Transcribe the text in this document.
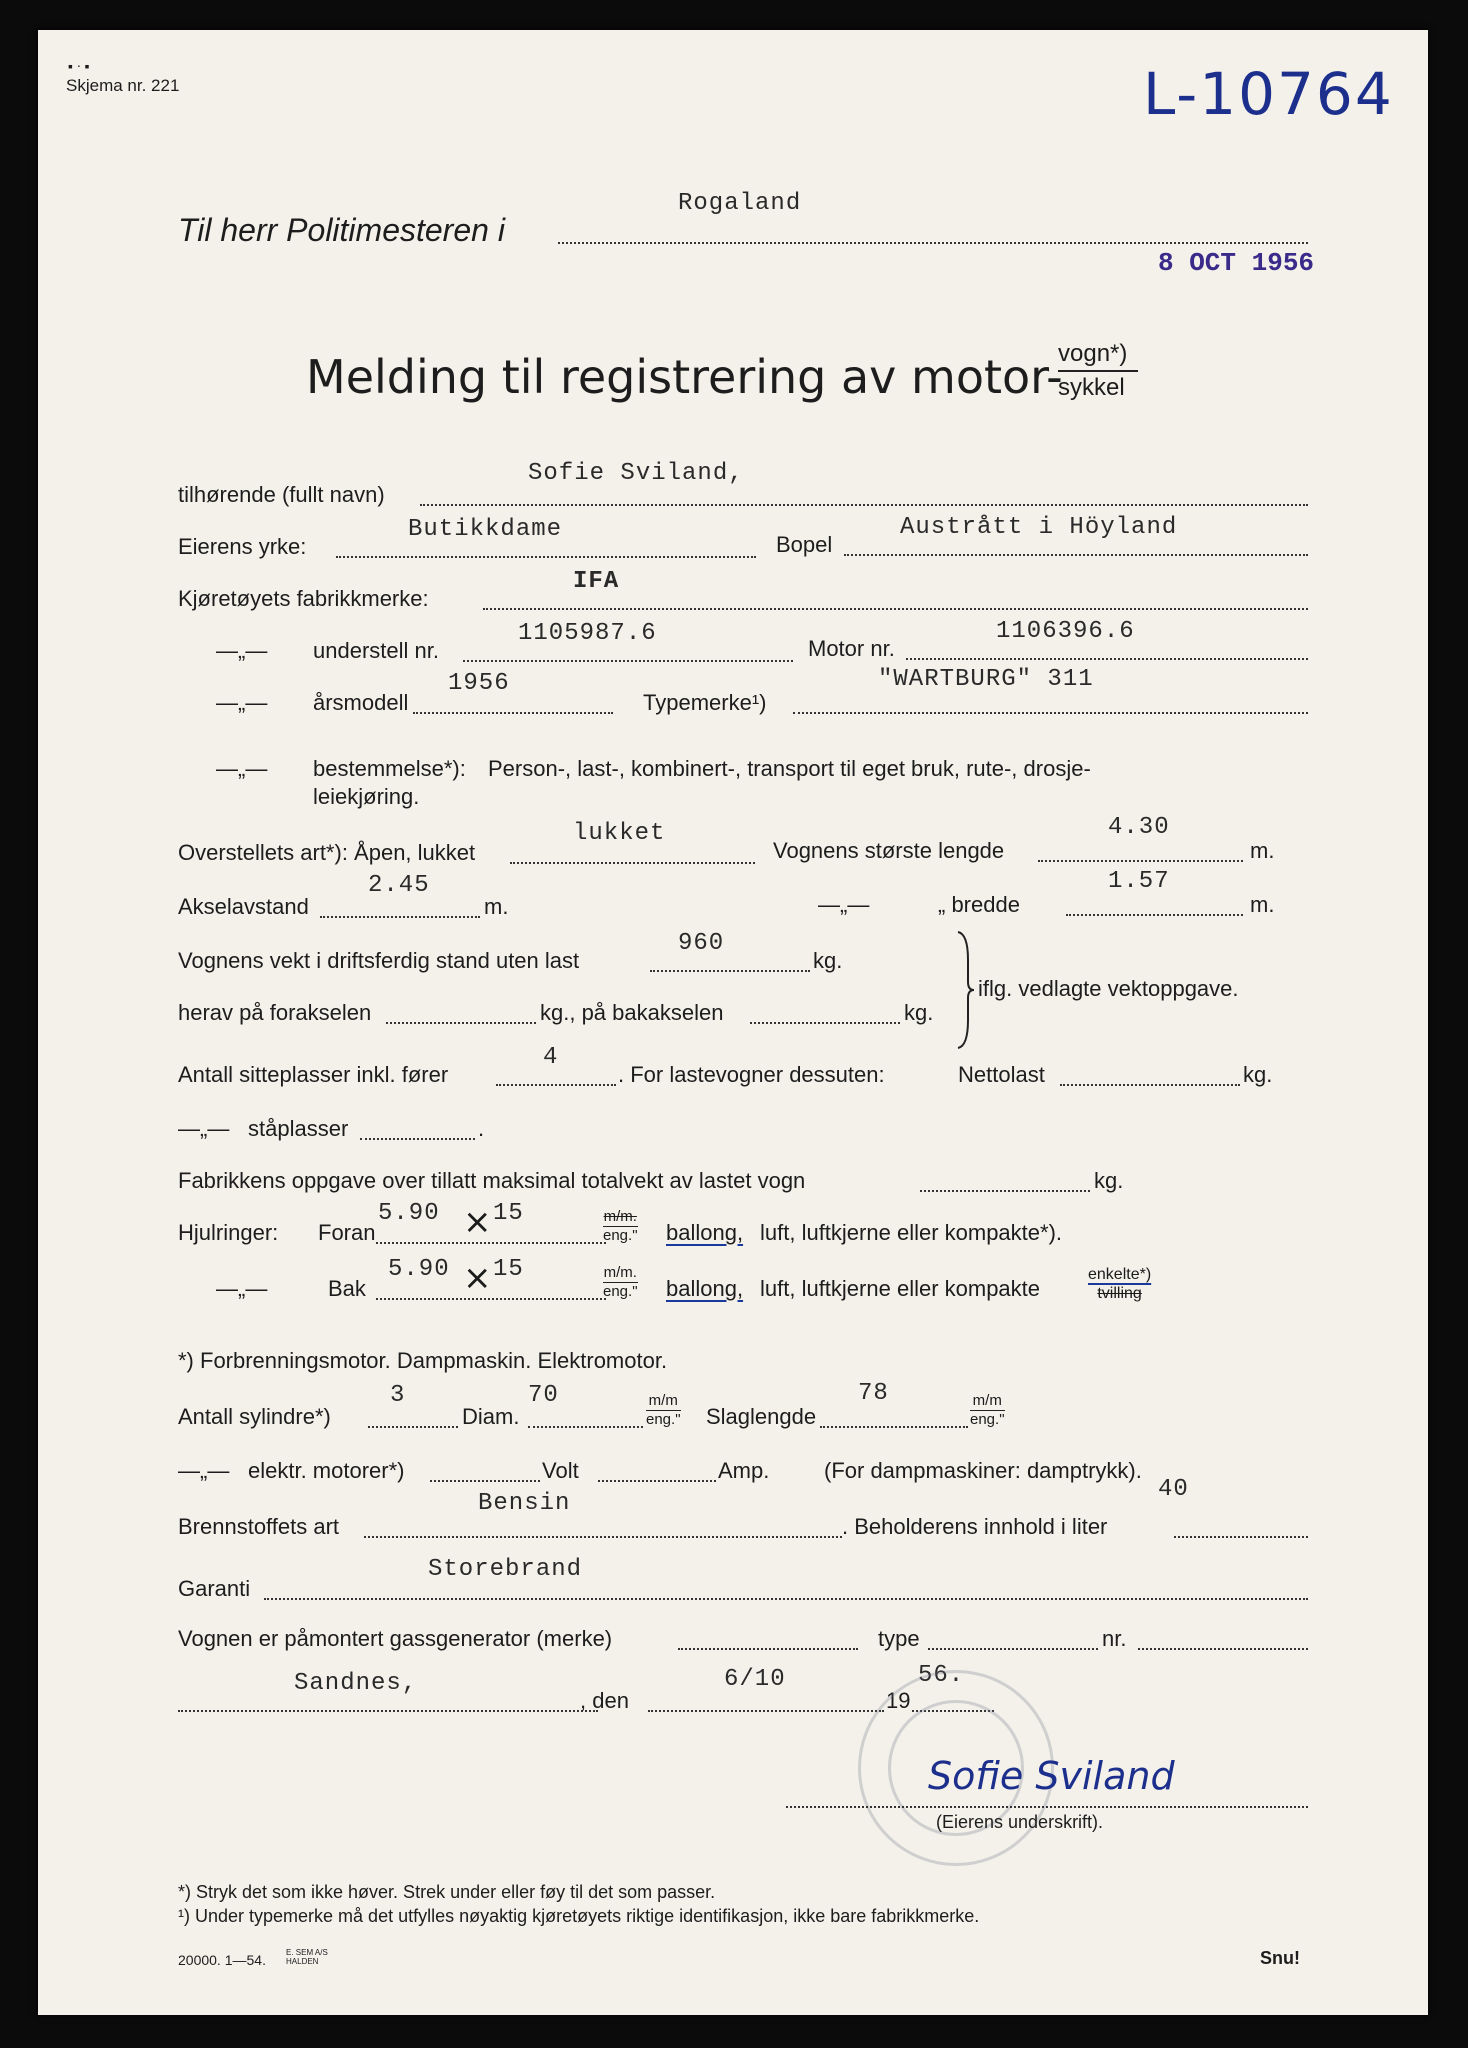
Skjema nr. 221
▪︎ · ▪︎	L-10764
Til herr Politimesteren i
Rogaland
8 OCT 1956
Melding til registrering av motor-
vogn*)
sykkel
tilhørende (fullt navn)
Sofie Sviland,
Eierens yrke:
Butikkdame
Bopel
Austrått i Höyland
Kjøretøyets fabrikkmerke:
IFA
—„— understell nr.
1105987.6
Motor nr.
1106396.6
—„— årsmodell
1956
Typemerke¹)
"WARTBURG" 311
—„— bestemmelse*): Person-, last-, kombinert-, transport til eget bruk, rute-, drosje-
leiekjøring.
Overstellets art*): Åpen, lukket
lukket
Vognens største lengde
4.30
m.
Akselavstand
2.45
m.	—„—	„ bredde
1.57
m.
Vognens vekt i driftsferdig stand uten last
960
kg.
herav på forakselen	kg., på bakakselen	kg.
iflg. vedlagte vektoppgave.
Antall sitteplasser inkl. fører
4
. For lastevogner dessuten:	Nettolast	kg.
—„— ståplasser	.
Fabrikkens oppgave over tillatt maksimal totalvekt av lastet vogn	kg.
Hjulringer: Foran
5.90 × 15	m/m.
eng." ballong, luft, luftkjerne eller kompakte*).
—„—	Bak
5.90 × 15	m/m.
eng." ballong, luft, luftkjerne eller kompakte
enkelte*)
tvilling
*) Forbrenningsmotor. Dampmaskin. Elektromotor.
Antall sylindre*)
3
Diam.
70	m/m
eng." Slaglengde
78	m/m
eng."
—„— elektr. motorer*)	Volt	Amp. (For dampmaskiner: damptrykk).
Brennstoffets art
Bensin
. Beholderens innhold i liter
40
Garanti
Storebrand
Vognen er påmontert gassgenerator (merke)	type	nr.
Sandnes,
, den
6/10
19
56.
Sofie Sviland
(Eierens underskrift).
*) Stryk det som ikke høver. Strek under eller føy til det som passer.
¹) Under typemerke må det utfylles nøyaktig kjøretøyets riktige identifikasjon, ikke bare fabrikkmerke.
20000. 1—54.	E. SEM A/S HALDEN	Snu!
